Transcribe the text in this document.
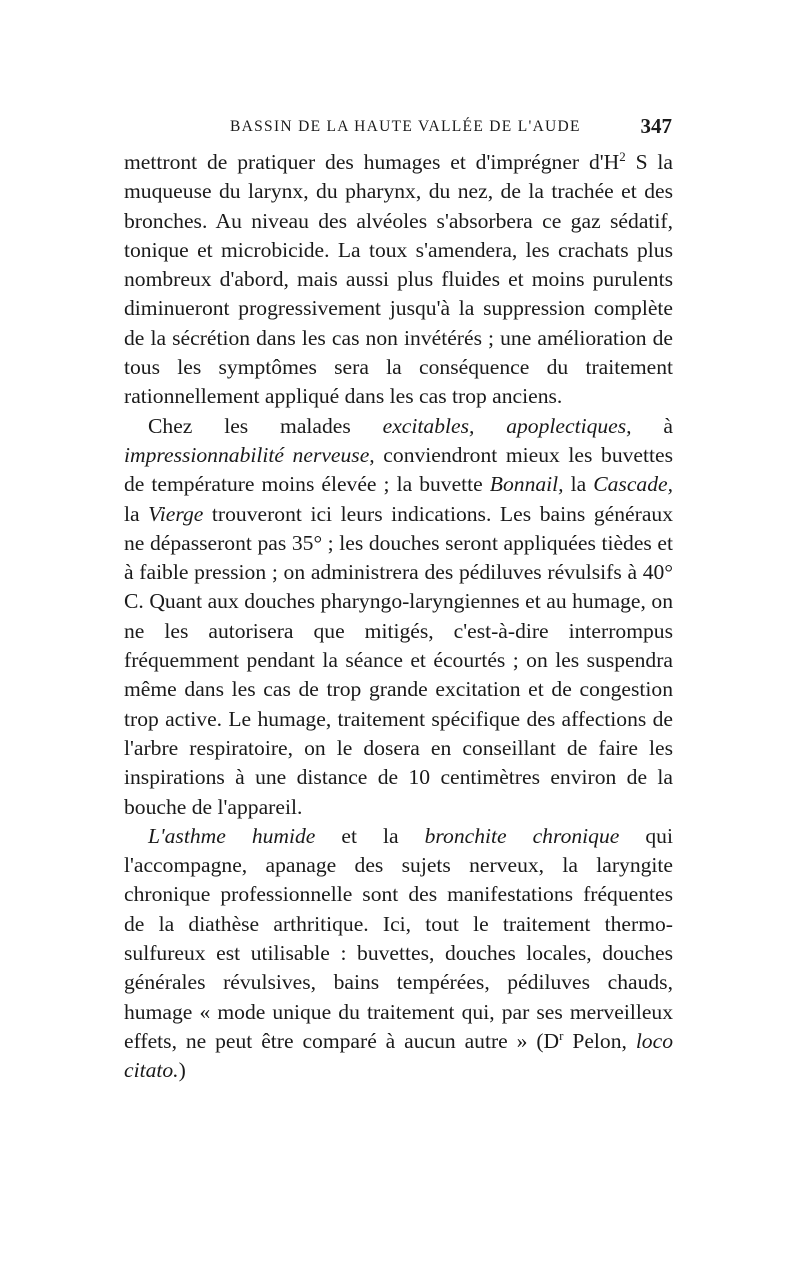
BASSIN DE LA HAUTE VALLÉE DE L'AUDE	347

mettront de pratiquer des humages et d'imprégner $d'H^2$ S la muqueuse du larynx, du pharynx, du nez, de la trachée et des bronches. Au niveau des alvéoles s'absorbera ce gaz sédatif, tonique et microbicide. La toux s'amendera, les crachats plus nombreux d'abord, mais aussi plus fluides et moins purulents diminueront progressivement jusqu'à la suppression complète de la sécrétion dans les cas non invétérés ; une amélioration de tous les symptômes sera la conséquence du traitement rationnellement appliqué dans les cas trop anciens.

Chez les malades excitables, apoplectiques, à impressionnabilité nerveuse, conviendront mieux les buvettes de température moins élevée ; la buvette Bonnail, la Cascade, la Vierge trouveront ici leurs indications. Les bains généraux ne dépasseront pas 35° ; les douches seront appliquées tièdes et à faible pression ; on administrera des pédiluves révulsifs à 40° C. Quant aux douches pharyngo-laryngiennes et au humage, on ne les autorisera que mitigés, c'est-à-dire interrompus fréquemment pendant la séance et écourtés ; on les suspendra même dans les cas de trop grande excitation et de congestion trop active. Le humage, traitement spécifique des affections de l'arbre respiratoire, on le dosera en conseillant de faire les inspirations à une distance de 10 centimètres environ de la bouche de l'appareil.

L'asthme humide et la bronchite chronique qui l'accompagne, apanage des sujets nerveux, la laryngite chronique professionnelle sont des manifestations fréquentes de la diathèse arthritique. Ici, tout le traitement thermo-sulfureux est utilisable : buvettes, douches locales, douches générales révulsives, bains tempérées, pédiluves chauds, humage « mode unique du traitement qui, par ses merveilleux effets, ne peut être comparé à aucun autre » ($D^r$ Pelon, loco citato.)
